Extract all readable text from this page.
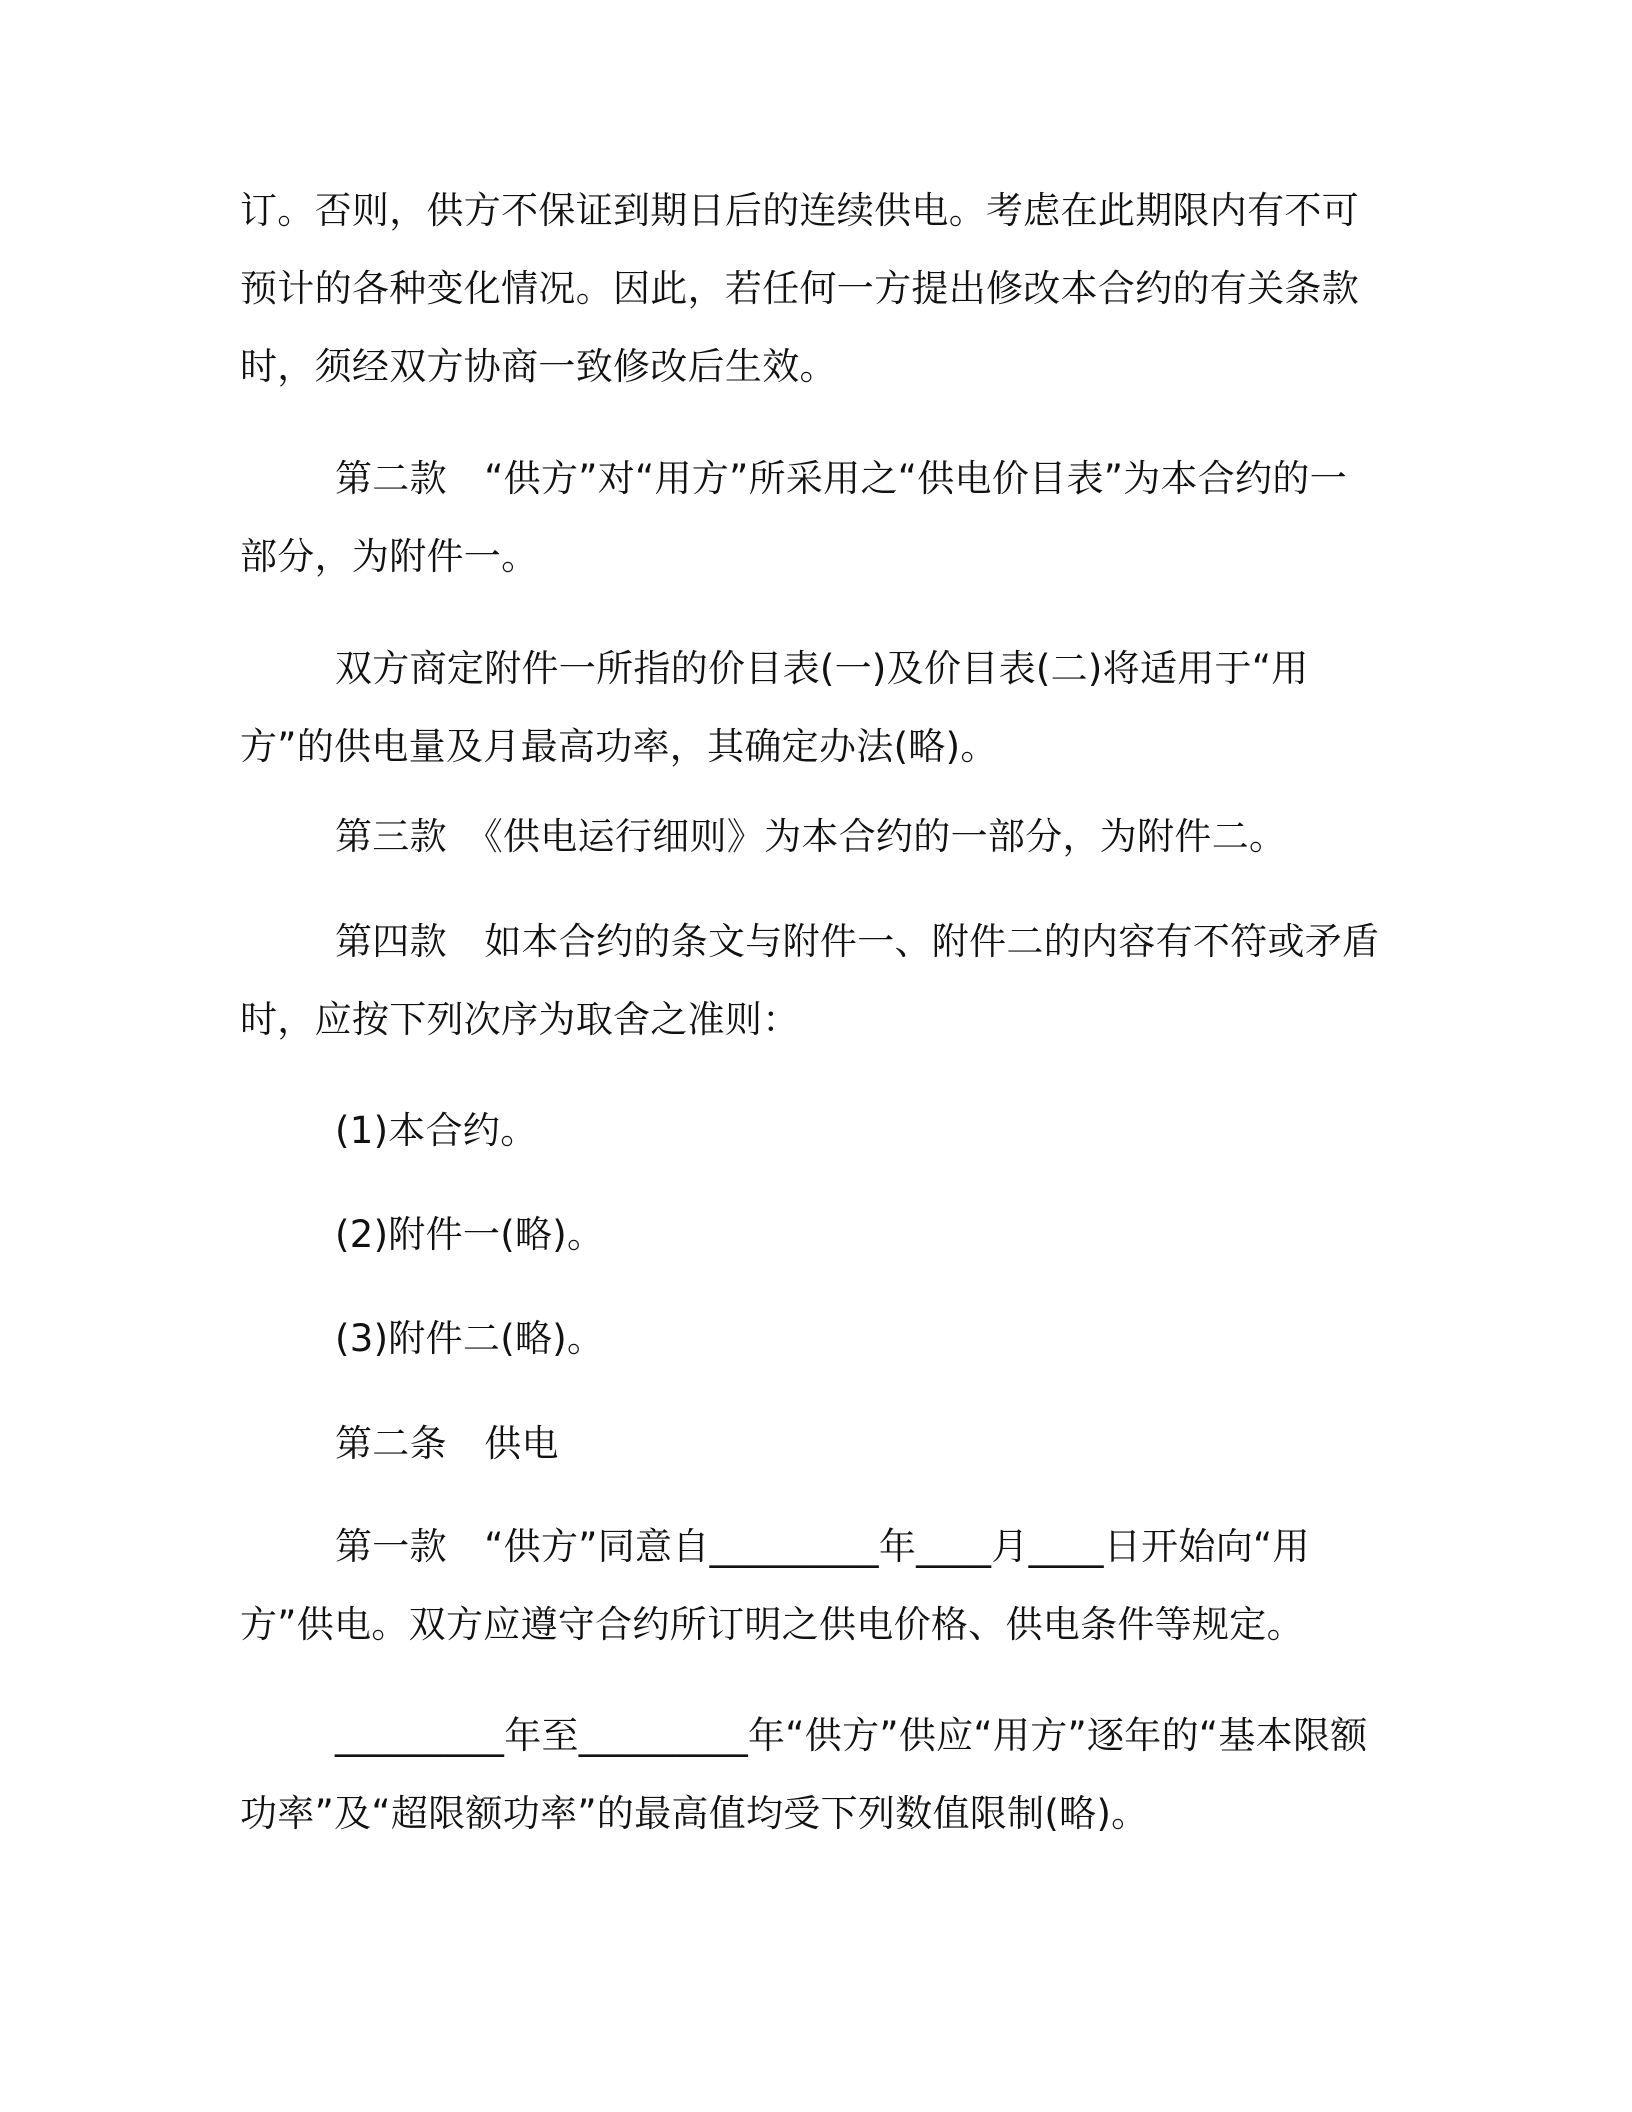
订。否则，供方不保证到期日后的连续供电。考虑在此期限内有不可预计的各种变化情况。因此，若任何一方提出修改本合约的有关条款时，须经双方协商一致修改后生效。

第二款　“供方”对“用方”所采用之“供电价目表”为本合约的一部分，为附件一。

双方商定附件一所指的价目表(一)及价目表(二)将适用于“用方”的供电量及月最高功率，其确定办法(略)。

第三款　《供电运行细则》为本合约的一部分，为附件二。

第四款　如本合约的条文与附件一、附件二的内容有不符或矛盾时，应按下列次序为取舍之准则：

(1)本合约。

(2)附件一(略)。

(3)附件二(略)。

第二条　供电

第一款　“供方”同意自_________年____月____日开始向“用方”供电。双方应遵守合约所订明之供电价格、供电条件等规定。

_________年至_________年“供方”供应“用方”逐年的“基本限额功率”及“超限额功率”的最高值均受下列数值限制(略)。
